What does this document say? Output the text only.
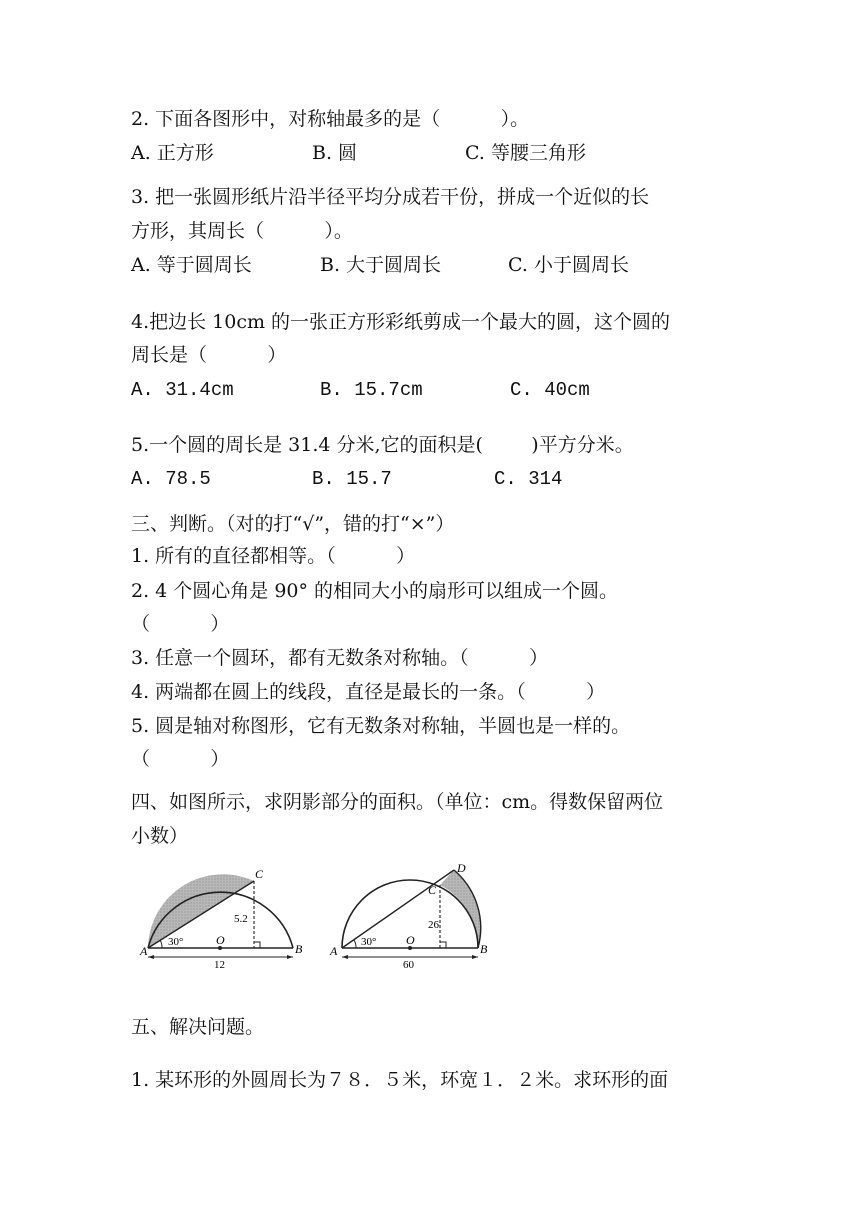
2. 下面各图形中，对称轴最多的是（          ）。
A. 正方形	B. 圆	C. 等腰三角形
3. 把一张圆形纸片沿半径平均分成若干份，拼成一个近似的长
方形，其周长（          ）。
A. 等于圆周长	B. 大于圆周长	C. 小于圆周长
4.把边长 10cm 的一张正方形彩纸剪成一个最大的圆，这个圆的
周长是（          ）
A. 31.4cm	B. 15.7cm	C. 40cm
5.一个圆的周长是 31.4 分米,它的面积是(        )平方分米。
A. 78.5	B. 15.7	C. 314
三、判断。（对的打“√”，错的打“×”）
1. 所有的直径都相等。（          ）
2. 4 个圆心角是 90° 的相同大小的扇形可以组成一个圆。
（          ）
3. 任意一个圆环，都有无数条对称轴。（          ）
4. 两端都在圆上的线段，直径是最长的一条。（          ）
5. 圆是轴对称图形，它有无数条对称轴，半圆也是一样的。
（          ）
四、如图所示，求阴影部分的面积。（单位：cm。得数保留两位
小数）
A	B
C
O
30°
5.2
12
A	B
C
D
O
30°
26
60
五、解决问题。
1. 某环形的外圆周长为７８．５米，环宽１．２米。求环形的面
